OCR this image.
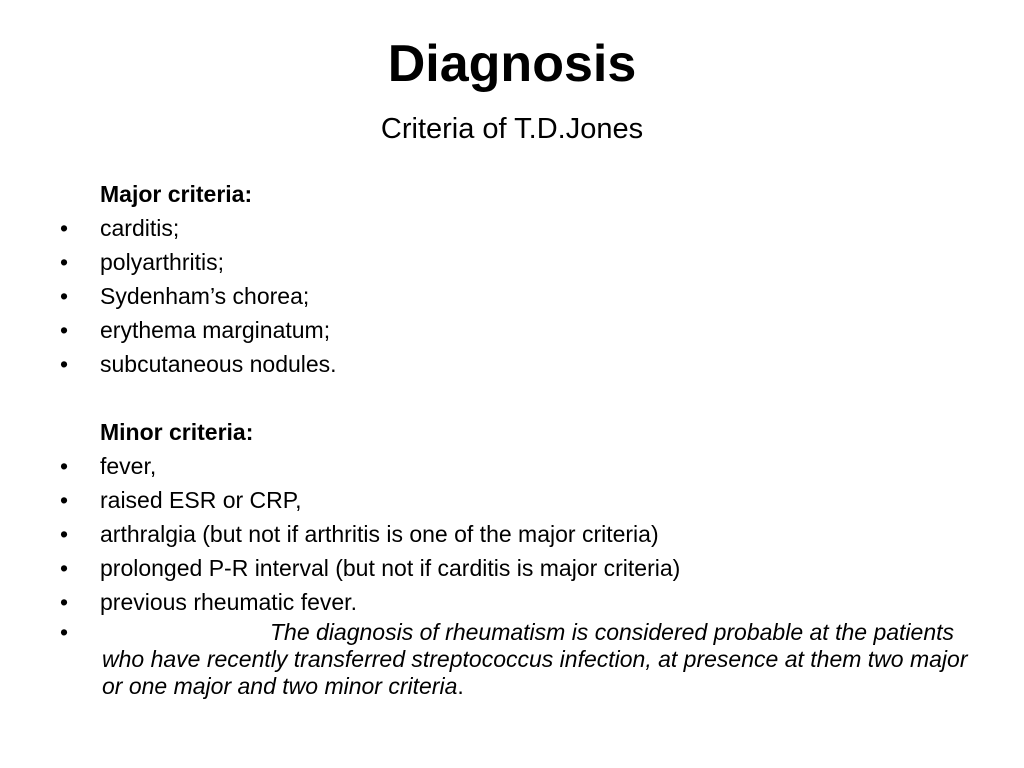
Diagnosis
Criteria of T.D.Jones
Major criteria:
•	carditis;
•	polyarthritis;
•	Sydenham’s chorea;
•	erythema marginatum;
•	subcutaneous nodules.
Minor criteria:
•	fever,
•	raised ESR or CRP,
•	arthralgia (but not if arthritis is one of the major criteria)
•	prolonged P-R interval (but not if carditis is major criteria)
•	previous rheumatic fever.
•	The diagnosis of rheumatism is considered probable at the patients who have recently transferred streptococcus infection, at presence at them two major or one major and two minor criteria.
